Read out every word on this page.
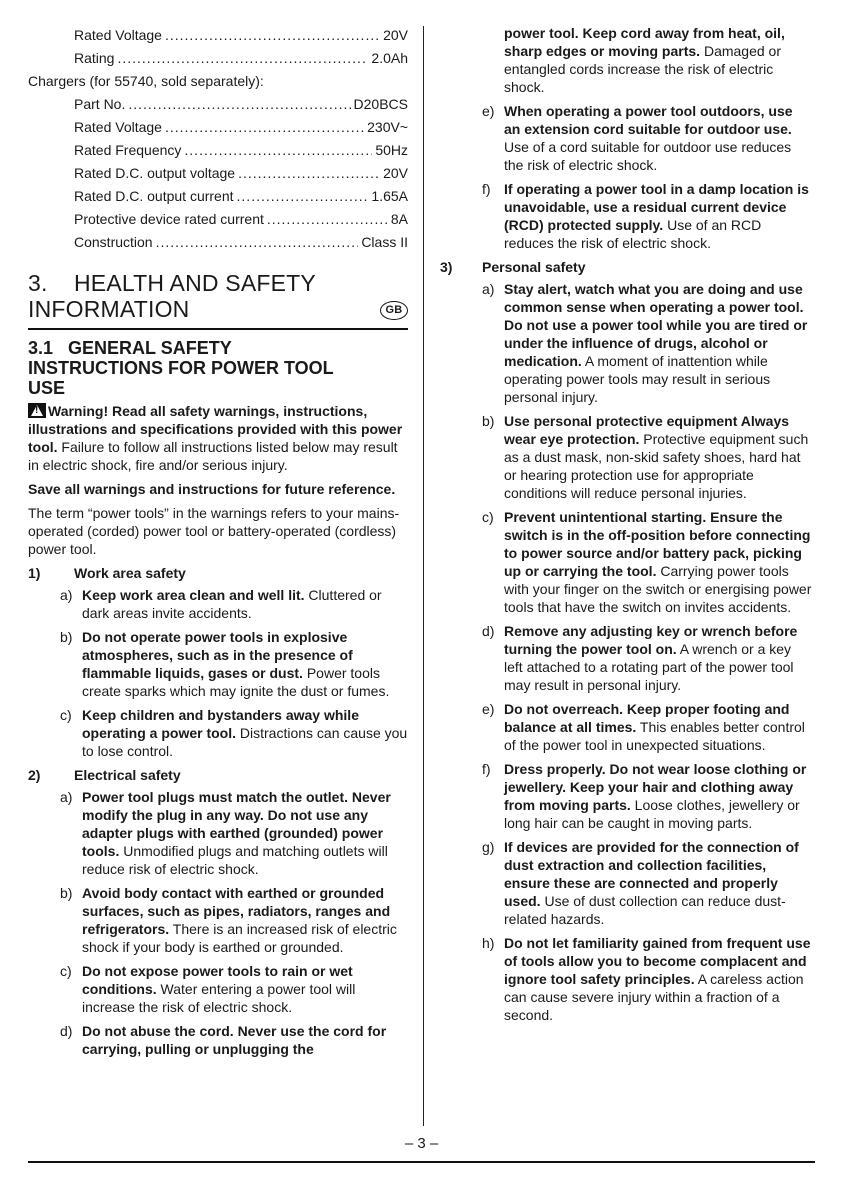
Rated Voltage .....	20V
Rating .....	2.0Ah
Chargers (for 55740, sold separately):
Part No. .....	D20BCS
Rated Voltage .....	230V~
Rated Frequency .....	50Hz
Rated D.C. output voltage .....	20V
Rated D.C. output current .....	1.65A
Protective device rated current .....	8A
Construction .....	Class II
3. HEALTH AND SAFETY
INFORMATION	GB
3.1   GENERAL SAFETY
INSTRUCTIONS FOR POWER TOOL
USE

!Warning! Read all safety warnings, instructions, illustrations and specifications provided with this power tool. Failure to follow all instructions listed below may result in electric shock, fire and/or serious injury.

Save all warnings and instructions for future reference.

The term “power tools” in the warnings refers to your mains-operated (corded) power tool or battery-operated (cordless) power tool.

1)	Work area safety
a) Keep work area clean and well lit. Cluttered or dark areas invite accidents.
b) Do not operate power tools in explosive atmospheres, such as in the presence of flammable liquids, gases or dust. Power tools create sparks which may ignite the dust or fumes.
c) Keep children and bystanders away while operating a power tool. Distractions can cause you to lose control.
2)	Electrical safety
a) Power tool plugs must match the outlet. Never modify the plug in any way. Do not use any adapter plugs with earthed (grounded) power tools. Unmodified plugs and matching outlets will reduce risk of electric shock.
b) Avoid body contact with earthed or grounded surfaces, such as pipes, radiators, ranges and refrigerators. There is an increased risk of electric shock if your body is earthed or grounded.
c) Do not expose power tools to rain or wet conditions. Water entering a power tool will increase the risk of electric shock.
d) Do not abuse the cord. Never use the cord for carrying, pulling or unplugging the
power tool. Keep cord away from heat, oil, sharp edges or moving parts. Damaged or entangled cords increase the risk of electric shock.
e) When operating a power tool outdoors, use an extension cord suitable for outdoor use. Use of a cord suitable for outdoor use reduces the risk of electric shock.
f) If operating a power tool in a damp location is unavoidable, use a residual current device (RCD) protected supply. Use of an RCD reduces the risk of electric shock.
3)	Personal safety
a) Stay alert, watch what you are doing and use common sense when operating a power tool. Do not use a power tool while you are tired or under the influence of drugs, alcohol or medication. A moment of inattention while operating power tools may result in serious personal injury.
b) Use personal protective equipment Always wear eye protection. Protective equipment such as a dust mask, non-skid safety shoes, hard hat or hearing protection use for appropriate conditions will reduce personal injuries.
c) Prevent unintentional starting. Ensure the switch is in the off-position before connecting to power source and/or battery pack, picking up or carrying the tool. Carrying power tools with your finger on the switch or energising power tools that have the switch on invites accidents.
d) Remove any adjusting key or wrench before turning the power tool on. A wrench or a key left attached to a rotating part of the power tool may result in personal injury.
e) Do not overreach. Keep proper footing and balance at all times. This enables better control of the power tool in unexpected situations.
f) Dress properly. Do not wear loose clothing or jewellery. Keep your hair and clothing away from moving parts. Loose clothes, jewellery or long hair can be caught in moving parts.
g) If devices are provided for the connection of dust extraction and collection facilities, ensure these are connected and properly used. Use of dust collection can reduce dust-related hazards.
h) Do not let familiarity gained from frequent use of tools allow you to become complacent and ignore tool safety principles. A careless action can cause severe injury within a fraction of a second.
– 3 –
